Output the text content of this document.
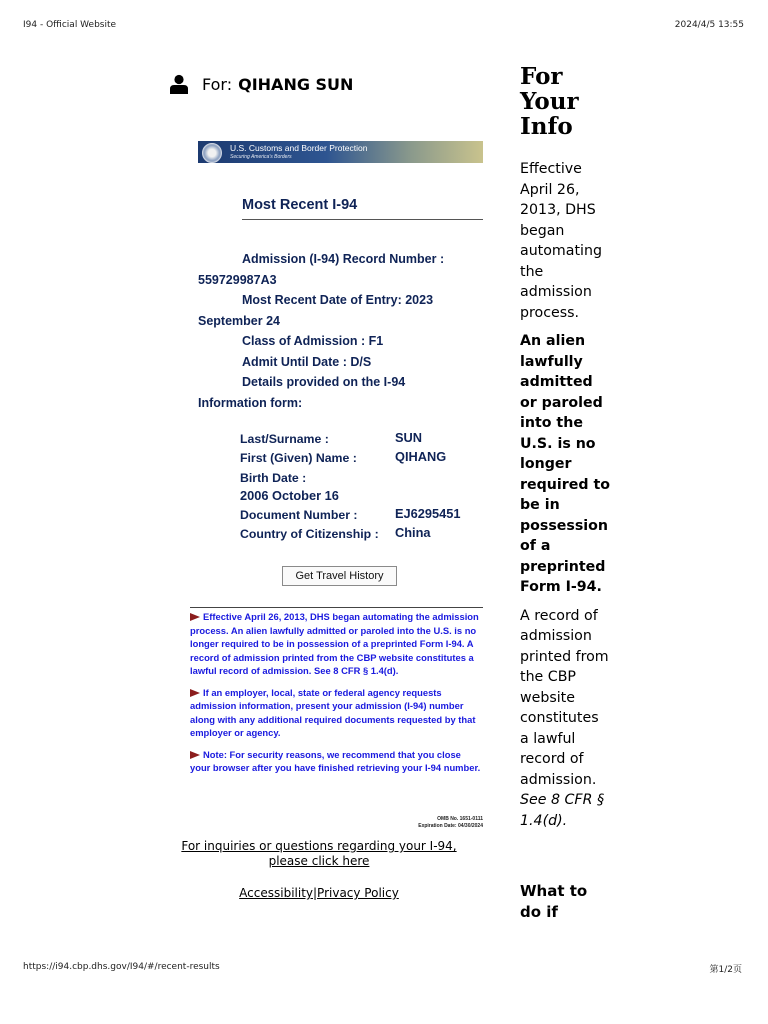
I94 - Official Website	2024/4/5 13:55
https://i94.cbp.dhs.gov/I94/#/recent-results	第1/2页
For: QIHANG SUN
U.S. Customs and Border Protection
Securing America's Borders
Most Recent I-94
Admission (I-94) Record Number :
559729987A3
Most Recent Date of Entry: 2023
September 24
Class of Admission : F1
Admit Until Date : D/S
Details provided on the I-94
Information form:
Last/Surname :	SUN
First (Given) Name :	QIHANG
Birth Date :
2006 October 16
Document Number :	EJ6295451
Country of Citizenship : China
Get Travel History
Effective April 26, 2013, DHS began automating the admission process. An alien lawfully admitted or paroled into the U.S. is no longer required to be in possession of a preprinted Form I-94. A record of admission printed from the CBP website constitutes a lawful record of admission. See 8 CFR § 1.4(d).
If an employer, local, state or federal agency requests admission information, present your admission (I-94) number along with any additional required documents requested by that employer or agency.
Note: For security reasons, we recommend that you close your browser after you have finished retrieving your I-94 number.
OMB No. 1651-0111
Expiration Date: 04/30/2024
For inquiries or questions regarding your I-94, please click here
Accessibility|Privacy Policy
For Your Info

Effective April 26, 2013, DHS began automating the admission process.

An alien lawfully admitted or paroled into the U.S. is no longer required to be in possession of a preprinted Form I-94.

A record of admission printed from the CBP website constitutes a lawful record of admission.

See 8 CFR § 1.4(d).

What to do if
